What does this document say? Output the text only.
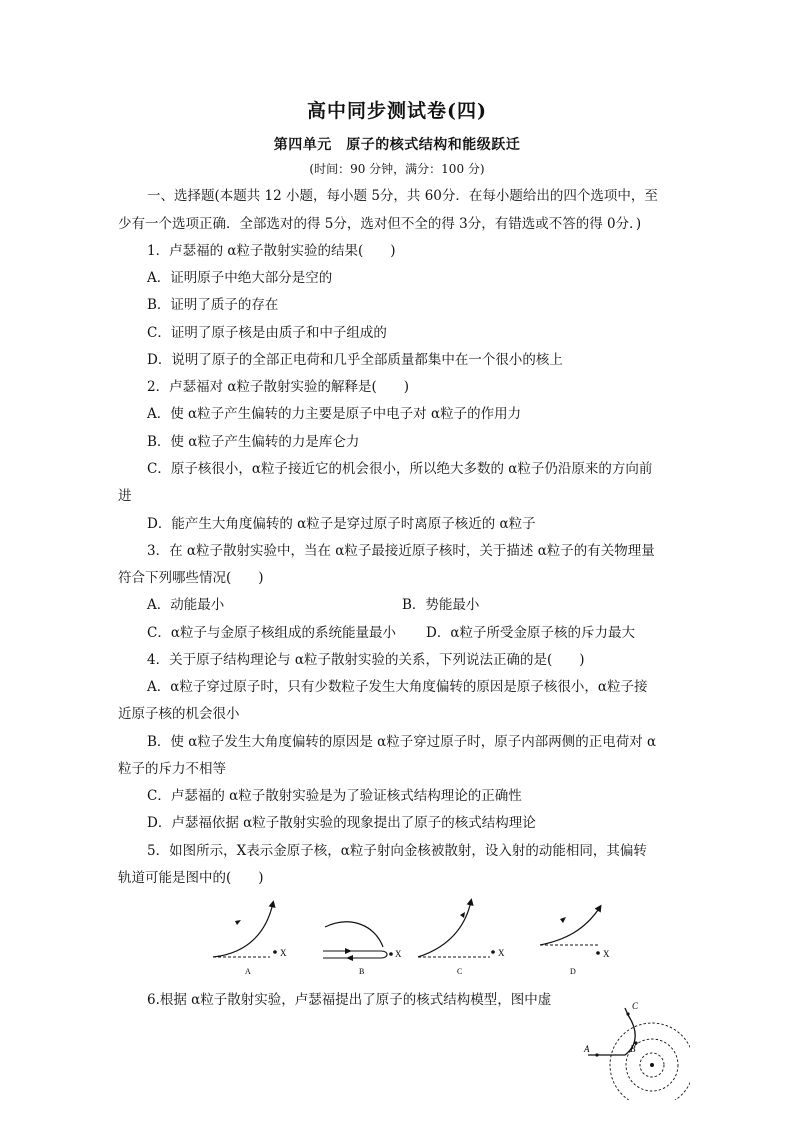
高中同步测试卷(四)
第四单元　原子的核式结构和能级跃迁
(时间：90 分钟，满分：100 分)
一、选择题(本题共 12 小题，每小题 5分，共 60分．在每小题给出的四个选项中，至
少有一个选项正确．全部选对的得 5分，选对但不全的得 3分，有错选或不答的得 0分．)
1．卢瑟福的 α粒子散射实验的结果(　　)
A．证明原子中绝大部分是空的
B．证明了质子的存在
C．证明了原子核是由质子和中子组成的
D．说明了原子的全部正电荷和几乎全部质量都集中在一个很小的核上
2．卢瑟福对 α粒子散射实验的解释是(　　)
A．使 α粒子产生偏转的力主要是原子中电子对 α粒子的作用力
B．使 α粒子产生偏转的力是库仑力
C．原子核很小，α粒子接近它的机会很小，所以绝大多数的 α粒子仍沿原来的方向前
进
D．能产生大角度偏转的 α粒子是穿过原子时离原子核近的 α粒子
3．在 α粒子散射实验中，当在 α粒子最接近原子核时，关于描述 α粒子的有关物理量
符合下列哪些情况(　　)
A．动能最小	B．势能最小
C．α粒子与金原子核组成的系统能量最小 D．α粒子所受金原子核的斥力最大
4．关于原子结构理论与 α粒子散射实验的关系，下列说法正确的是(　　)
A．α粒子穿过原子时，只有少数粒子发生大角度偏转的原因是原子核很小，α粒子接
近原子核的机会很小
B．使 α粒子发生大角度偏转的原因是 α粒子穿过原子时，原子内部两侧的正电荷对 α
粒子的斥力不相等
C．卢瑟福的 α粒子散射实验是为了验证核式结构理论的正确性
D．卢瑟福依据 α粒子散射实验的现象提出了原子的核式结构理论
5．如图所示，X表示金原子核，α粒子射向金核被散射，设入射的动能相同，其偏转
轨道可能是图中的(　　)
X
A
X
B
X
C
X
D
6.根据 α粒子散射实验，卢瑟福提出了原子的核式结构模型，图中虚
A	B
C
